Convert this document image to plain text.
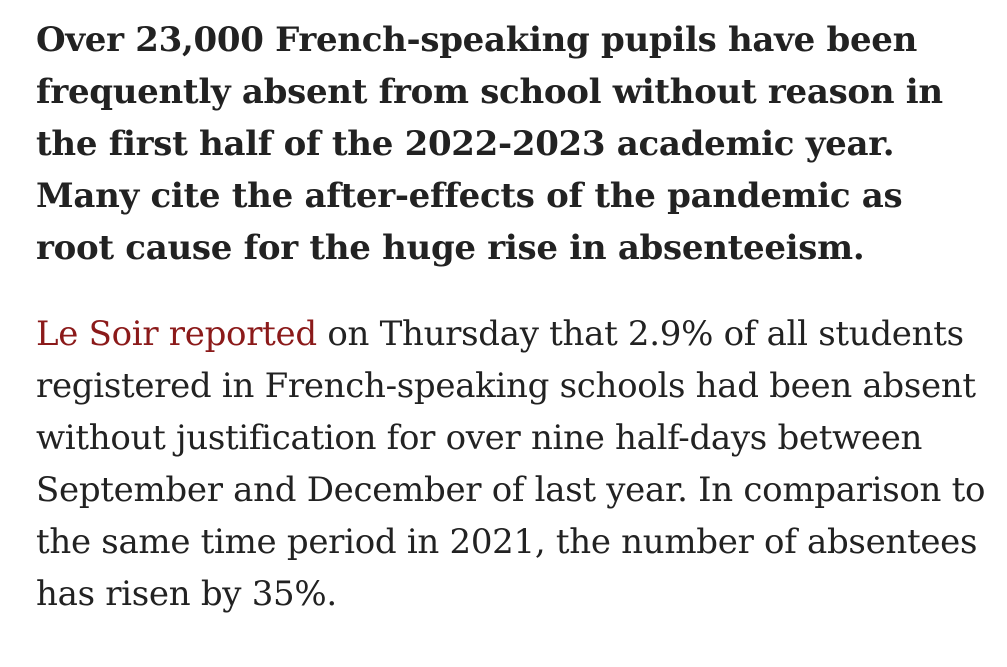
Over 23,000 French-speaking pupils have been frequently absent from school without reason in the first half of the 2022-2023 academic year. Many cite the after-effects of the pandemic as root cause for the huge rise in absenteeism.

Le Soir reported on Thursday that 2.9% of all students registered in French-speaking schools had been absent without justification for over nine half-days between September and December of last year. In comparison to the same time period in 2021, the number of absentees has risen by 35%.
